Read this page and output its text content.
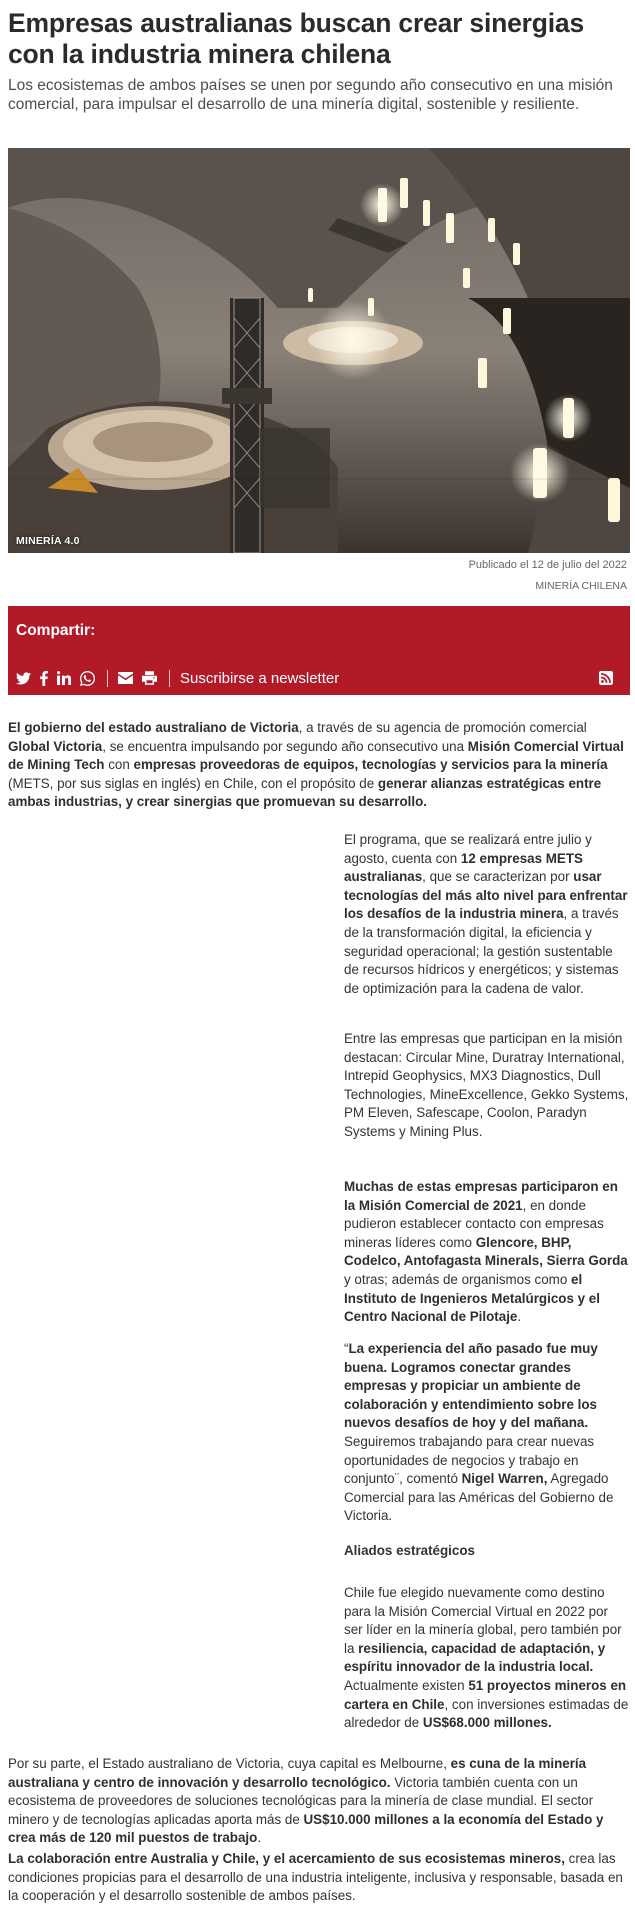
Empresas australianas buscan crear sinergias con la industria minera chilena

Los ecosistemas de ambos países se unen por segundo año consecutivo en una misión comercial, para impulsar el desarrollo de una minería digital, sostenible y resiliente.

MINERÍA 4.0
Publicado el 12 de julio del 2022
MINERÍA CHILENA
Compartir:
Suscribirse a newsletter

El gobierno del estado australiano de Victoria, a través de su agencia de promoción comercial Global Victoria, se encuentra impulsando por segundo año consecutivo una Misión Comercial Virtual de Mining Tech con empresas proveedoras de equipos, tecnologías y servicios para la minería (METS, por sus siglas en inglés) en Chile, con el propósito de generar alianzas estratégicas entre ambas industrias, y crear sinergias que promuevan su desarrollo.

El programa, que se realizará entre julio y agosto, cuenta con 12 empresas METS australianas, que se caracterizan por usar tecnologías del más alto nivel para enfrentar los desafíos de la industria minera, a través de la transformación digital, la eficiencia y seguridad operacional; la gestión sustentable de recursos hídricos y energéticos; y sistemas de optimización para la cadena de valor.

Entre las empresas que participan en la misión destacan: Circular Mine, Duratray International, Intrepid Geophysics, MX3 Diagnostics, Dull Technologies, MineExcellence, Gekko Systems, PM Eleven, Safescape, Coolon, Paradyn Systems y Mining Plus.

Muchas de estas empresas participaron en la Misión Comercial de 2021, en donde pudieron establecer contacto con empresas mineras líderes como Glencore, BHP, Codelco, Antofagasta Minerals, Sierra Gorda y otras; además de organismos como el Instituto de Ingenieros Metalúrgicos y el Centro Nacional de Pilotaje.

“La experiencia del año pasado fue muy buena. Logramos conectar grandes empresas y propiciar un ambiente de colaboración y entendimiento sobre los nuevos desafíos de hoy y del mañana. Seguiremos trabajando para crear nuevas oportunidades de negocios y trabajo en conjunto¨, comentó Nigel Warren, Agregado Comercial para las Américas del Gobierno de Victoria.

Aliados estratégicos

Chile fue elegido nuevamente como destino para la Misión Comercial Virtual en 2022 por ser líder en la minería global, pero también por la resiliencia, capacidad de adaptación, y espíritu innovador de la industria local. Actualmente existen 51 proyectos mineros en cartera en Chile, con inversiones estimadas de alrededor de US$68.000 millones.

Por su parte, el Estado australiano de Victoria, cuya capital es Melbourne, es cuna de la minería australiana y centro de innovación y desarrollo tecnológico. Victoria también cuenta con un ecosistema de proveedores de soluciones tecnológicas para la minería de clase mundial. El sector minero y de tecnologías aplicadas aporta más de US$10.000 millones a la economía del Estado y crea más de 120 mil puestos de trabajo.

La colaboración entre Australia y Chile, y el acercamiento de sus ecosistemas mineros, crea las condiciones propicias para el desarrollo de una industria inteligente, inclusiva y responsable, basada en la cooperación y el desarrollo sostenible de ambos países.
